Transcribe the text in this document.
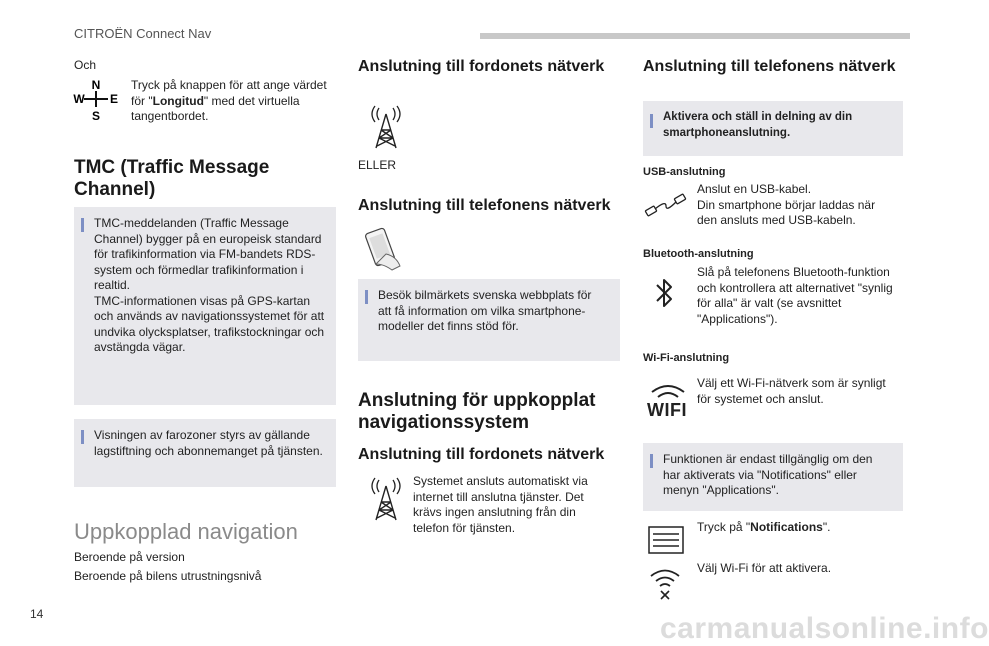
CITROËN Connect Nav
Och
N
S
W E
Tryck på knappen för att ange värdet för "Longitud" med det virtuella tangentbordet.
TMC (Traffic Message Channel)
TMC-meddelanden (Traffic Message Channel) bygger på en europeisk standard för trafikinformation via FM-bandets RDS-system och förmedlar trafikinformation i realtid.
TMC-informationen visas på GPS-kartan och används av navigationssystemet för att undvika olycksplatser, trafikstockningar och avstängda vägar.
Visningen av farozoner styrs av gällande lagstiftning och abonnemanget på tjänsten.
Uppkopplad navigation
Beroende på version
Beroende på bilens utrustningsnivå
Anslutning till fordonets nätverk
ELLER
Anslutning till telefonens nätverk
Besök bilmärkets svenska webbplats för att få information om vilka smartphone-modeller det finns stöd för.
Anslutning för uppkopplat navigationssystem
Anslutning till fordonets nätverk
Systemet ansluts automatiskt via internet till anslutna tjänster. Det krävs ingen anslutning från din telefon för tjänsten.
Anslutning till telefonens nätverk
Aktivera och ställ in delning av din smartphoneanslutning.
USB-anslutning
Anslut en USB-kabel.
Din smartphone börjar laddas när den ansluts med USB-kabeln.
Bluetooth-anslutning
Slå på telefonens Bluetooth-funktion och kontrollera att alternativet "synlig för alla" är valt (se avsnittet "Applications").
Wi-Fi-anslutning
WIFI
Välj ett Wi-Fi-nätverk som är synligt för systemet och anslut.
Funktionen är endast tillgänglig om den har aktiverats via "Notifications" eller menyn "Applications".
Tryck på "Notifications".
Välj Wi-Fi för att aktivera.
14	carmanualsonline.info
